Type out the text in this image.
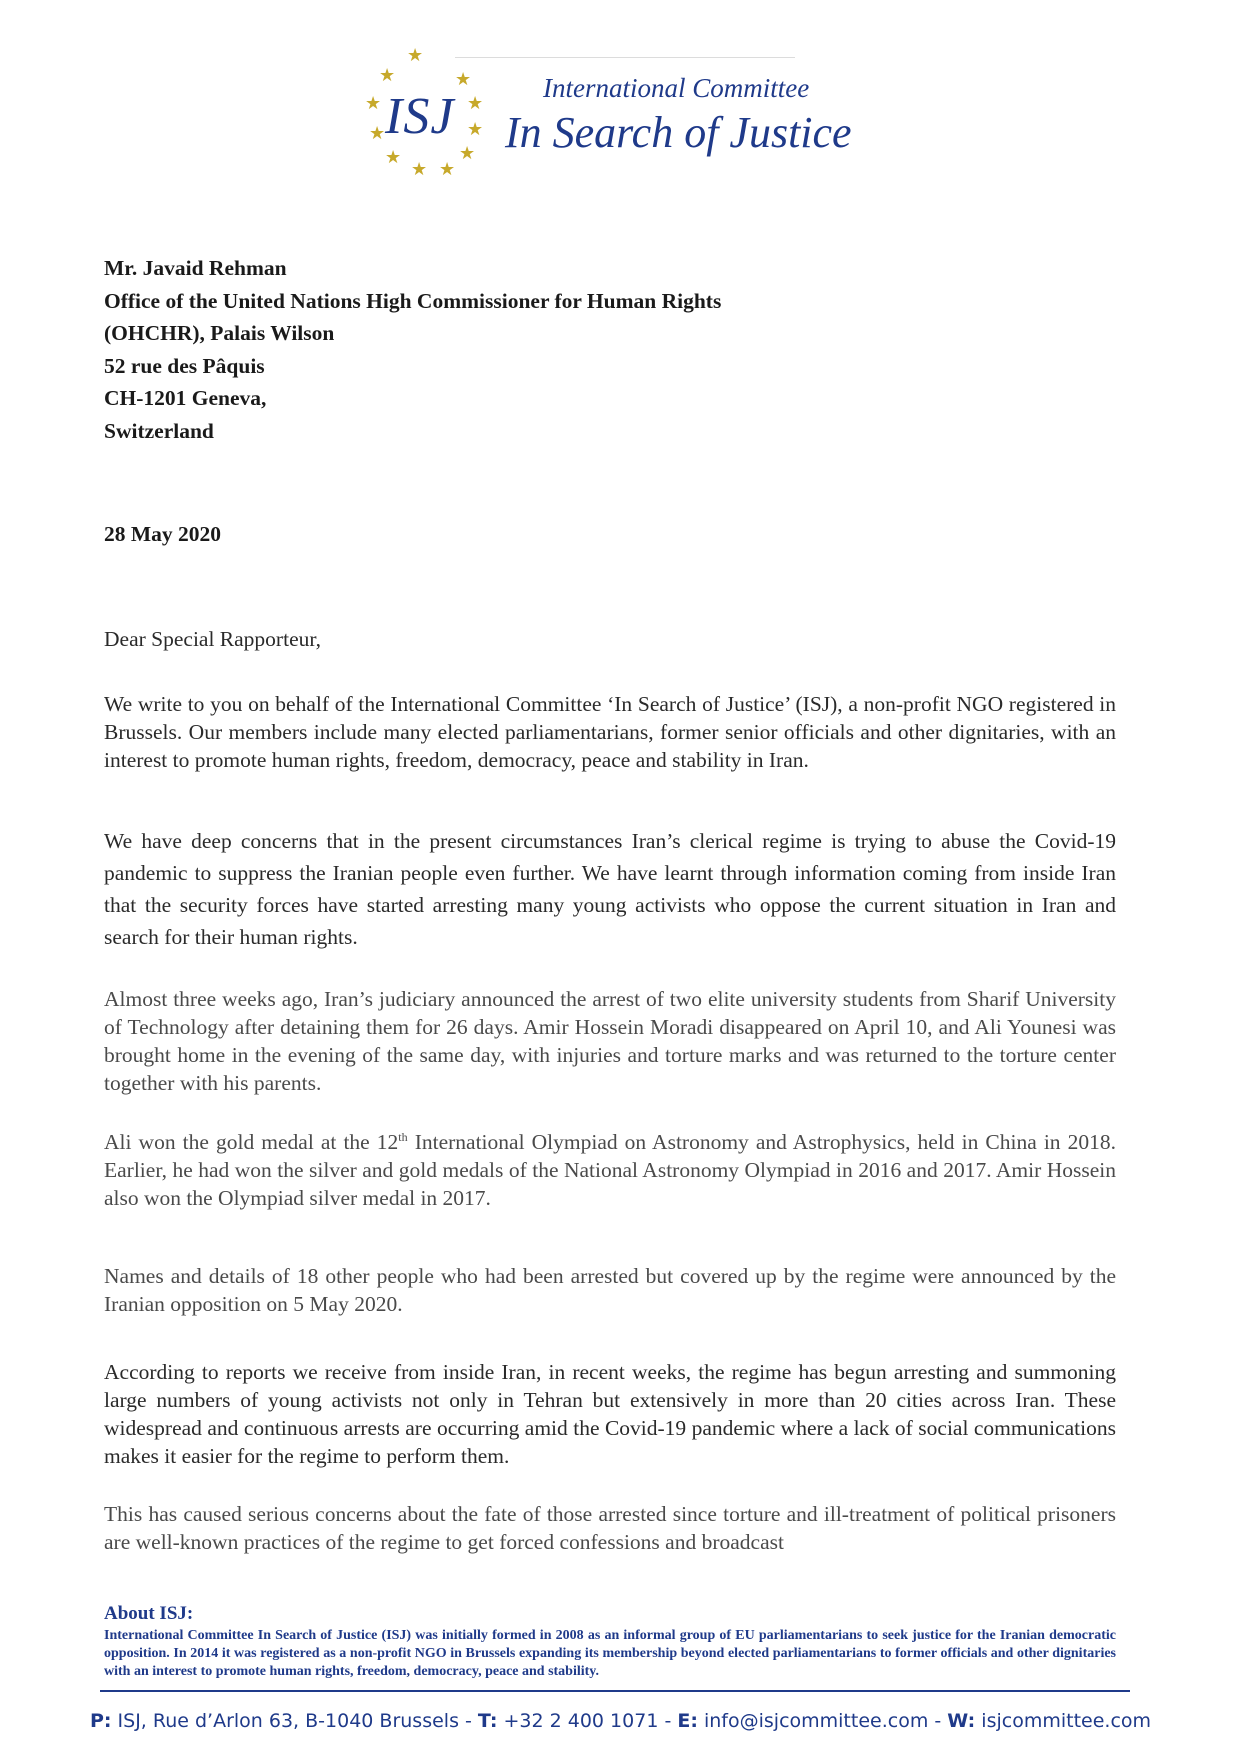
★
★
★
★
★
★ ★
★
★
★
★
ISJ	International Committee
In Search of Justice
Mr. Javaid Rehman
Office of the United Nations High Commissioner for Human Rights
(OHCHR), Palais Wilson
52 rue des Pâquis
CH-1201 Geneva,
Switzerland
28 May 2020
Dear Special Rapporteur,
We write to you on behalf of the International Committee ‘In Search of Justice’ (ISJ), a non-profit NGO registered in Brussels. Our members include many elected parliamentarians, former senior officials and other dignitaries, with an interest to promote human rights, freedom, democracy, peace and stability in Iran.
We have deep concerns that in the present circumstances Iran’s clerical regime is trying to abuse the Covid-19 pandemic to suppress the Iranian people even further. We have learnt through information coming from inside Iran that the security forces have started arresting many young activists who oppose the current situation in Iran and search for their human rights.
Almost three weeks ago, Iran’s judiciary announced the arrest of two elite university students from Sharif University of Technology after detaining them for 26 days. Amir Hossein Moradi disappeared on April 10, and Ali Younesi was brought home in the evening of the same day, with injuries and torture marks and was returned to the torture center together with his parents.
Ali won the gold medal at the 12th International Olympiad on Astronomy and Astrophysics, held in China in 2018. Earlier, he had won the silver and gold medals of the National Astronomy Olympiad in 2016 and 2017. Amir Hossein also won the Olympiad silver medal in 2017.
Names and details of 18 other people who had been arrested but covered up by the regime were announced by the Iranian opposition on 5 May 2020.
According to reports we receive from inside Iran, in recent weeks, the regime has begun arresting and summoning large numbers of young activists not only in Tehran but extensively in more than 20 cities across Iran. These widespread and continuous arrests are occurring amid the Covid-19 pandemic where a lack of social communications makes it easier for the regime to perform them.
This has caused serious concerns about the fate of those arrested since torture and ill-treatment of political prisoners are well-known practices of the regime to get forced confessions and broadcast
About ISJ:
International Committee In Search of Justice (ISJ) was initially formed in 2008 as an informal group of EU parliamentarians to seek justice for the Iranian democratic opposition. In 2014 it was registered as a non-profit NGO in Brussels expanding its membership beyond elected parliamentarians to former officials and other dignitaries with an interest to promote human rights, freedom, democracy, peace and stability.
P: ISJ, Rue d’Arlon 63, B-1040 Brussels - T: +32 2 400 1071 - E: info@isjcommittee.com - W: isjcommittee.com
